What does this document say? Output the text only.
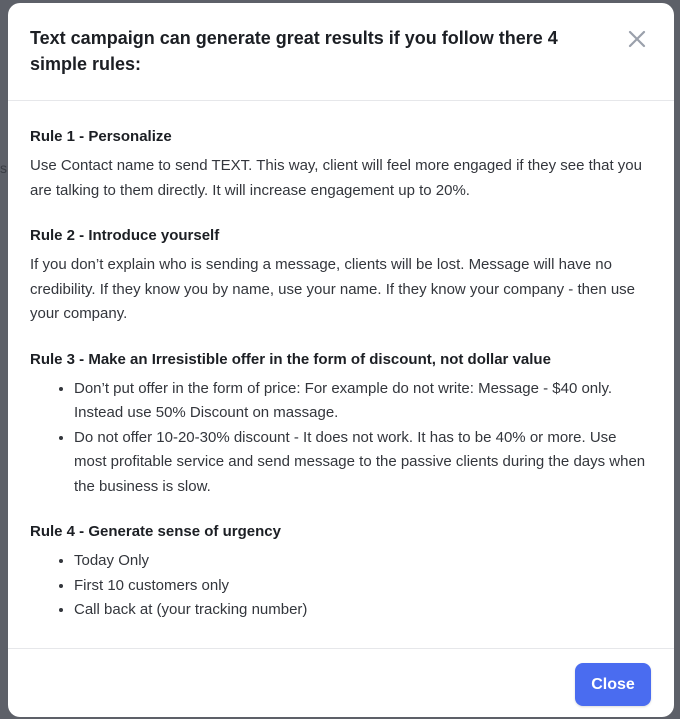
s
Text campaign can generate great results if you follow there 4 simple rules:
Rule 1 - Personalize

Use Contact name to send TEXT. This way, client will feel more engaged if they see that you are talking to them directly. It will increase engagement up to 20%.

Rule 2 - Introduce yourself

If you don’t explain who is sending a message, clients will be lost. Message will have no credibility. If they know you by name, use your name. If they know your company - then use your company.

Rule 3 - Make an Irresistible offer in the form of discount, not dollar value
• Don’t put offer in the form of price: For example do not write: Message - $40 only. Instead use 50% Discount on massage.
• Do not offer 10-20-30% discount - It does not work. It has to be 40% or more. Use most profitable service and send message to the passive clients during the days when the business is slow.
Rule 4 - Generate sense of urgency
• Today Only
• First 10 customers only
• Call back at (your tracking number)
Close
